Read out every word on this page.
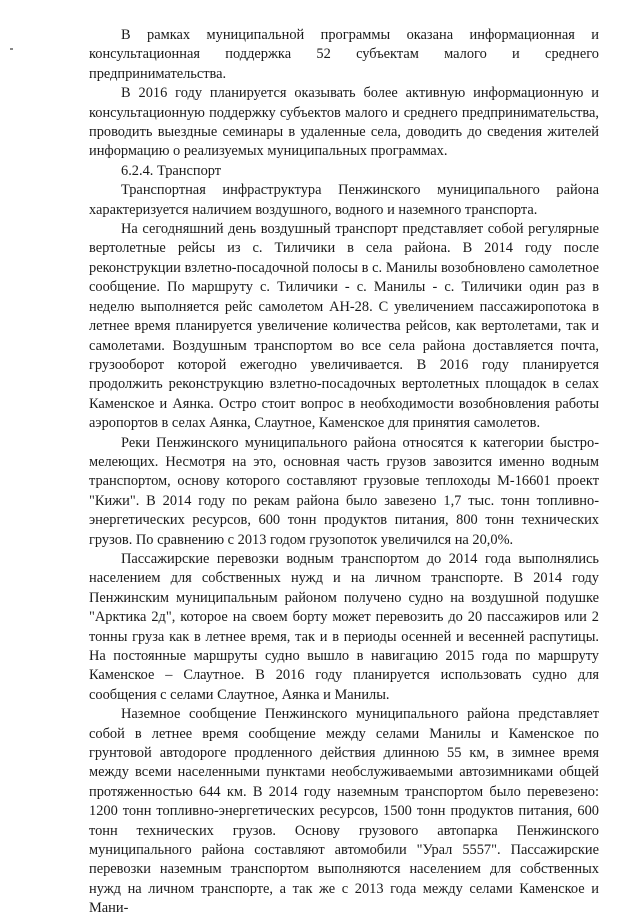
В рамках муниципальной программы оказана информационная и консультационная поддержка 52 субъектам малого и среднего предпринимательства.

В 2016 году планируется оказывать более активную информационную и консультационную поддержку субъектов малого и среднего предпринимательства, проводить выездные семинары в удаленные села, доводить до сведения жителей информацию о реализуемых муниципальных программах.

6.2.4. Транспорт

Транспортная инфраструктура Пенжинского муниципального района характеризуется наличием воздушного, водного и наземного транспорта.

На сегодняшний день воздушный транспорт представляет собой регулярные вертолетные рейсы из с. Тиличики в села района. В 2014 году после реконструкции взлетно-посадочной полосы в с. Манилы возобновлено самолетное сообщение. По маршруту с. Тиличики - с. Манилы - с. Тиличики один раз в неделю выполняется рейс самолетом АН-28. С увеличением пассажиропотока в летнее время планируется увеличение количества рейсов, как вертолетами, так и самолетами. Воздушным транспортом во все села района доставляется почта, грузооборот которой ежегодно увеличивается. В 2016 году планируется продолжить реконструкцию взлетно-посадочных вертолетных площадок в селах Каменское и Аянка. Остро стоит вопрос в необходимости возобновления работы аэропортов в селах Аянка, Слаутное, Каменское для принятия самолетов.

Реки Пенжинского муниципального района относятся к категории быстро-мелеющих. Несмотря на это, основная часть грузов завозится именно водным транспортом, основу которого составляют грузовые теплоходы М-16601 проект "Кижи". В 2014 году по рекам района было завезено 1,7 тыс. тонн топливно-энергетических ресурсов, 600 тонн продуктов питания, 800 тонн технических грузов. По сравнению с 2013 годом грузопоток увеличился на 20,0%.

Пассажирские перевозки водным транспортом до 2014 года выполнялись населением для собственных нужд и на личном транспорте. В 2014 году Пенжинским муниципальным районом получено судно на воздушной подушке "Арктика 2д", которое на своем борту может перевозить до 20 пассажиров или 2 тонны груза как в летнее время, так и в периоды осенней и весенней распутицы. На постоянные маршруты судно вышло в навигацию 2015 года по маршруту Каменское – Слаутное. В 2016 году планируется использовать судно для сообщения с селами Слаутное, Аянка и Манилы.

Наземное сообщение Пенжинского муниципального района представляет собой в летнее время сообщение между селами Манилы и Каменское по грунтовой автодороге продленного действия длинною 55 км, в зимнее время между всеми населенными пунктами необслуживаемыми автозимниками общей протяженностью 644 км. В 2014 году наземным транспортом было перевезено: 1200 тонн топливно-энергетических ресурсов, 1500 тонн продуктов питания, 600 тонн технических грузов. Основу грузового автопарка Пенжинского муниципального района составляют автомобили "Урал 5557". Пассажирские перевозки наземным транспортом выполняются населением для собственных нужд на личном транспорте, а так же с 2013 года между селами Каменское и Мани-
